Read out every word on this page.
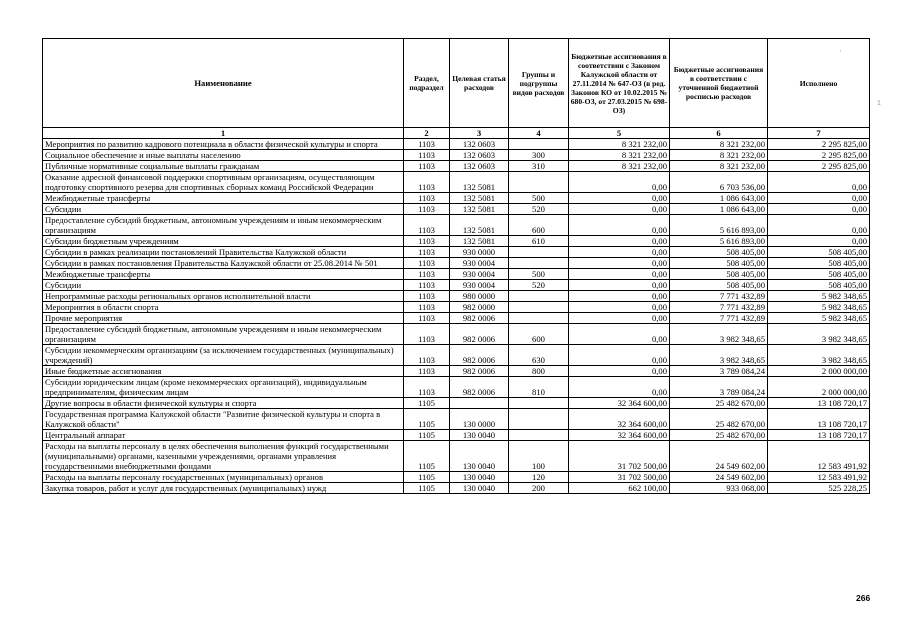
Наименование	Раздел, подраздел	Целевая статья расходов	Группы и подгруппы видов расходов	Бюджетные ассигнования в соответствии с Законом Калужской области от 27.11.2014 № 647-ОЗ (в ред. Законов КО от 10.02.2015 № 680-ОЗ, от 27.03.2015 № 698-ОЗ)	Бюджетные ассигнования в соответствии с уточненной бюджетной росписью расходов	Исполнено
1	2	3	4	5	6	7
Мероприятия по развитию кадрового потенциала в области физической культуры и спорта	1103	132 0603		8 321 232,00	8 321 232,00	2 295 825,00
Социальное обеспечение и иные выплаты населению	1103	132 0603	300	8 321 232,00	8 321 232,00	2 295 825,00
Публичные нормативные социальные выплаты гражданам	1103	132 0603	310	8 321 232,00	8 321 232,00	2 295 825,00
Оказание адресной финансовой поддержки спортивным организациям, осуществляющим подготовку спортивного резерва для спортивных сборных команд Российской Федерации	1103	132 5081		0,00	6 703 536,00	0,00
Межбюджетные трансферты	1103	132 5081	500	0,00	1 086 643,00	0,00
Субсидии	1103	132 5081	520	0,00	1 086 643,00	0,00
Предоставление субсидий бюджетным, автономным учреждениям и иным некоммерческим организациям	1103	132 5081	600	0,00	5 616 893,00	0,00
Субсидии бюджетным учреждениям	1103	132 5081	610	0,00	5 616 893,00	0,00
Субсидии в рамках реализации постановлений Правительства Калужской области	1103	930 0000		0,00	508 405,00	508 405,00
Субсидии в рамках постановления Правительства Калужской области от 25.08.2014 № 501	1103	930 0004		0,00	508 405,00	508 405,00
Межбюджетные трансферты	1103	930 0004	500	0,00	508 405,00	508 405,00
Субсидии	1103	930 0004	520	0,00	508 405,00	508 405,00
Непрограммные расходы региональных органов исполнительной власти	1103	980 0000		0,00	7 771 432,89	5 982 348,65
Мероприятия в области спорта	1103	982 0000		0,00	7 771 432,89	5 982 348,65
Прочие мероприятия	1103	982 0006		0,00	7 771 432,89	5 982 348,65
Предоставление субсидий бюджетным, автономным учреждениям и иным некоммерческим организациям	1103	982 0006	600	0,00	3 982 348,65	3 982 348,65
Субсидии некоммерческим организациям (за исключением государственных (муниципальных) учреждений)	1103	982 0006	630	0,00	3 982 348,65	3 982 348,65
Иные бюджетные ассигнования	1103	982 0006	800	0,00	3 789 084,24	2 000 000,00
Субсидии юридическим лицам (кроме некоммерческих организаций), индивидуальным предпринимателям, физическим лицам	1103	982 0006	810	0,00	3 789 084,24	2 000 000,00
Другие вопросы в области физической культуры и спорта	1105			32 364 600,00	25 482 670,00	13 108 720,17
Государственная программа Калужской области "Развитие физической культуры и спорта в Калужской области"	1105	130 0000		32 364 600,00	25 482 670,00	13 108 720,17
Центральный аппарат	1105	130 0040		32 364 600,00	25 482 670,00	13 108 720,17
Расходы на выплаты персоналу в целях обеспечения выполнения функций государственными (муниципальными) органами, казенными учреждениями, органами управления государственными внебюджетными фондами	1105	130 0040	100	31 702 500,00	24 549 602,00	12 583 491,92
Расходы на выплаты персоналу государственных (муниципальных) органов	1105	130 0040	120	31 702 500,00	24 549 602,00	12 583 491,92
Закупка товаров, работ и услуг для государственных (муниципальных) нужд	1105	130 0040	200	662 100,00	933 068,00	525 228,25
266
'
1
